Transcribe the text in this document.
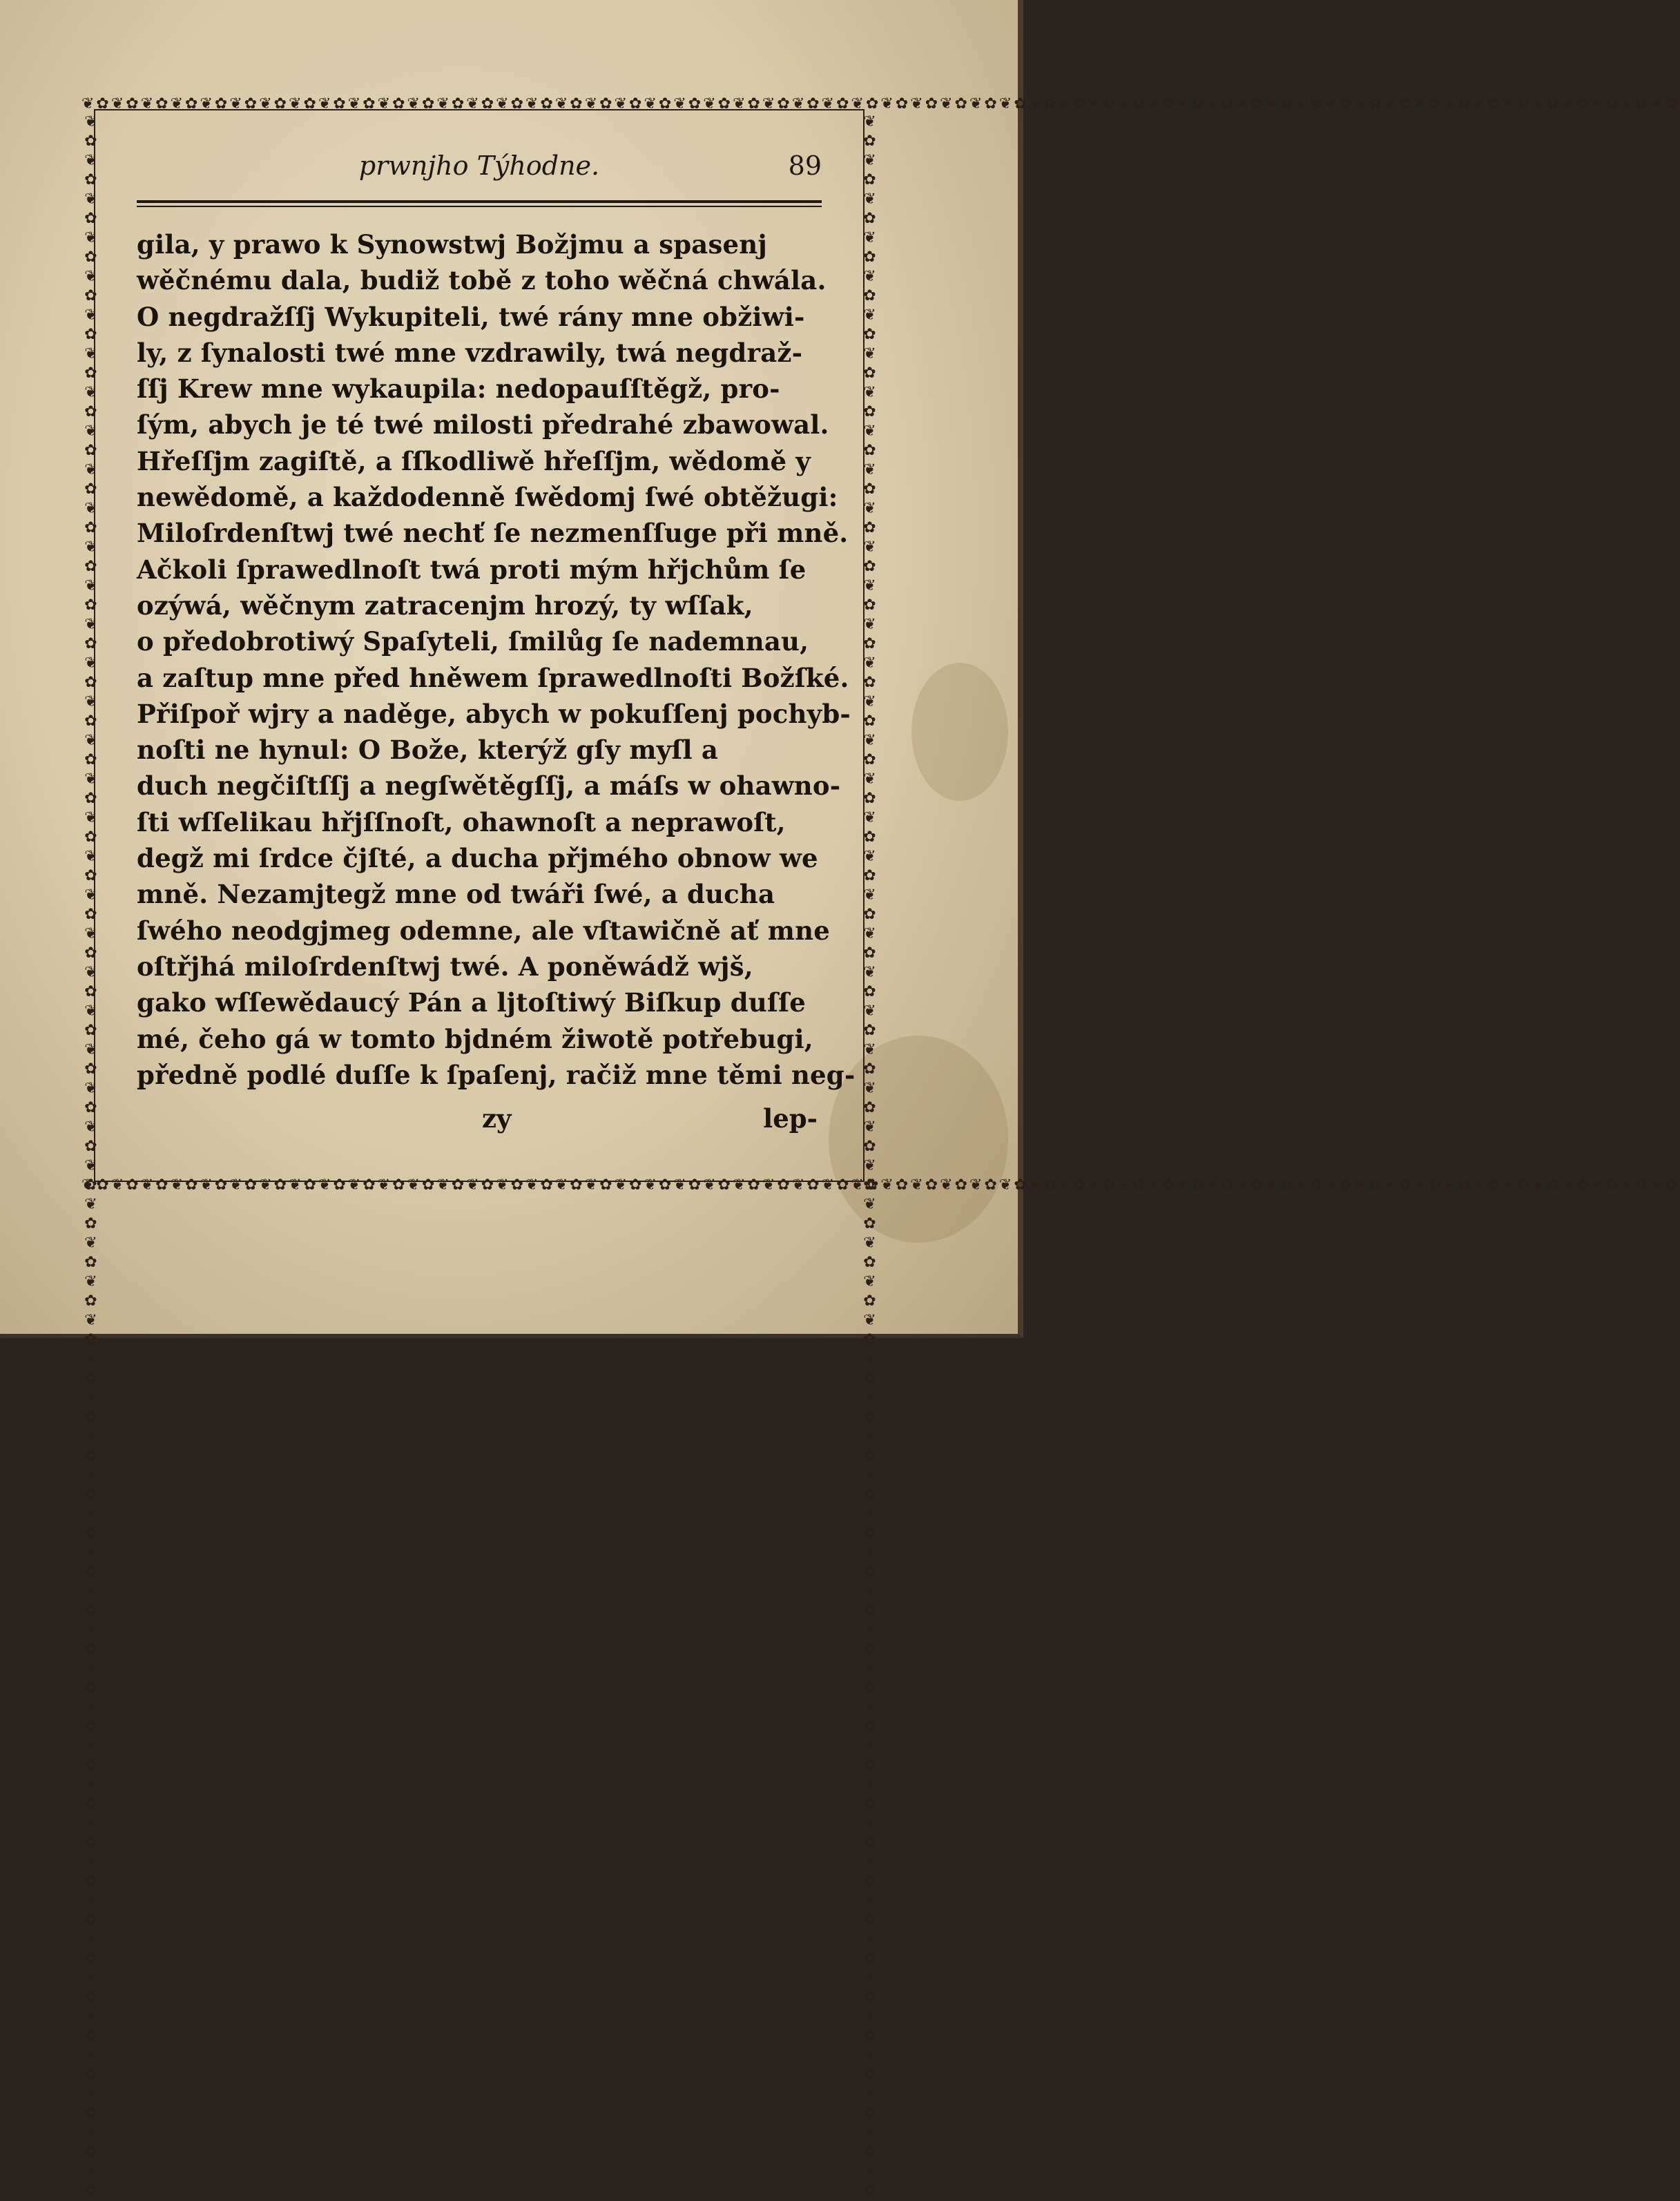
❦✿❦✿❦✿❦✿❦✿❦✿❦✿❦✿❦✿❦✿❦✿❦✿❦✿❦✿❦✿❦✿❦✿❦✿❦✿❦✿❦✿❦✿❦✿❦✿❦✿❦✿❦✿❦✿❦✿❦✿❦✿❦✿❦✿❦✿❦✿❦✿❦✿❦✿❦✿❦✿❦✿❦✿❦✿❦✿❦✿❦✿❦✿❦✿❦✿❦✿❦✿❦✿❦✿❦✿
❦✿❦✿❦✿❦✿❦✿❦✿❦✿❦✿❦✿❦✿❦✿❦✿❦✿❦✿❦✿❦✿❦✿❦✿❦✿❦✿❦✿❦✿❦✿❦✿❦✿❦✿❦✿❦✿❦✿❦✿❦✿❦✿❦✿❦✿❦✿❦✿❦✿❦✿❦✿❦✿❦✿❦✿❦✿❦✿❦✿❦✿❦✿❦✿❦✿❦✿❦✿❦✿❦✿❦✿
❦✿❦✿❦✿❦✿❦✿❦✿❦✿❦✿❦✿❦✿❦✿❦✿❦✿❦✿❦✿❦✿❦✿❦✿❦✿❦✿❦✿❦✿❦✿❦✿❦✿❦✿❦✿❦✿❦✿❦✿❦✿❦✿❦✿❦✿❦✿❦✿❦✿❦✿❦✿❦✿❦✿❦✿❦✿❦✿❦✿❦✿❦✿❦✿❦✿❦✿❦✿❦✿❦✿❦✿	❦✿❦✿❦✿❦✿❦✿❦✿❦✿❦✿❦✿❦✿❦✿❦✿❦✿❦✿❦✿❦✿❦✿❦✿❦✿❦✿❦✿❦✿❦✿❦✿❦✿❦✿❦✿❦✿❦✿❦✿❦✿❦✿❦✿❦✿❦✿❦✿❦✿❦✿❦✿❦✿❦✿❦✿❦✿❦✿❦✿❦✿❦✿❦✿❦✿❦✿❦✿❦✿❦✿❦✿
prwnjho Týhodne.	89
gila, y prawo k Synowstwj Božjmu a spasenj
wěčnému dala, budiž tobě z toho wěčná chwála.
O negdražſſj Wykupiteli, twé rány mne obžiwi-
ly, z ſynalosti twé mne vzdrawily, twá negdraž-
ſſj Krew mne wykaupila: nedopauſſtěgž, pro-
ſým, abych je té twé milosti předrahé zbawowal.
Hřeſſjm zagiſtě, a ſſkodliwě hřeſſjm, wědomě y
newědomě, a každodenně ſwědomj ſwé obtěžugi:
Miloſrdenſtwj twé nechť ſe nezmenſſuge při mně.
Ačkoli ſprawedlnoſt twá proti mým hřjchům ſe
ozýwá, wěčnym zatracenjm hrozý, ty wſſak,
o předobrotiwý Spaſyteli, ſmilůg ſe nademnau,
a zaſtup mne před hněwem ſprawedlnoſti Božſké.
Přiſpoř wjry a naděge, abych w pokuſſenj pochyb-
noſti ne hynul: O Bože, kterýž gſy myſl a
duch negčiſtſſj a negſwětěgſſj, a máſs w ohawno-
ſti wſſelikau hřjſſnoſt, ohawnoſt a neprawoſt,
degž mi ſrdce čjſté, a ducha přjmého obnow we
mně. Nezamjtegž mne od twáři ſwé, a ducha
ſwého neodgjmeg odemne, ale vſtawičně ať mne
oſtřjhá miloſrdenſtwj twé. A poněwádž wjš,
gako wſſewědaucý Pán a ljtoſtiwý Biſkup duſſe
mé, čeho gá w tomto bjdném žiwotě potřebugi,
předně podlé duſſe k ſpaſenj, račiž mne těmi neg-
zy	lep-
